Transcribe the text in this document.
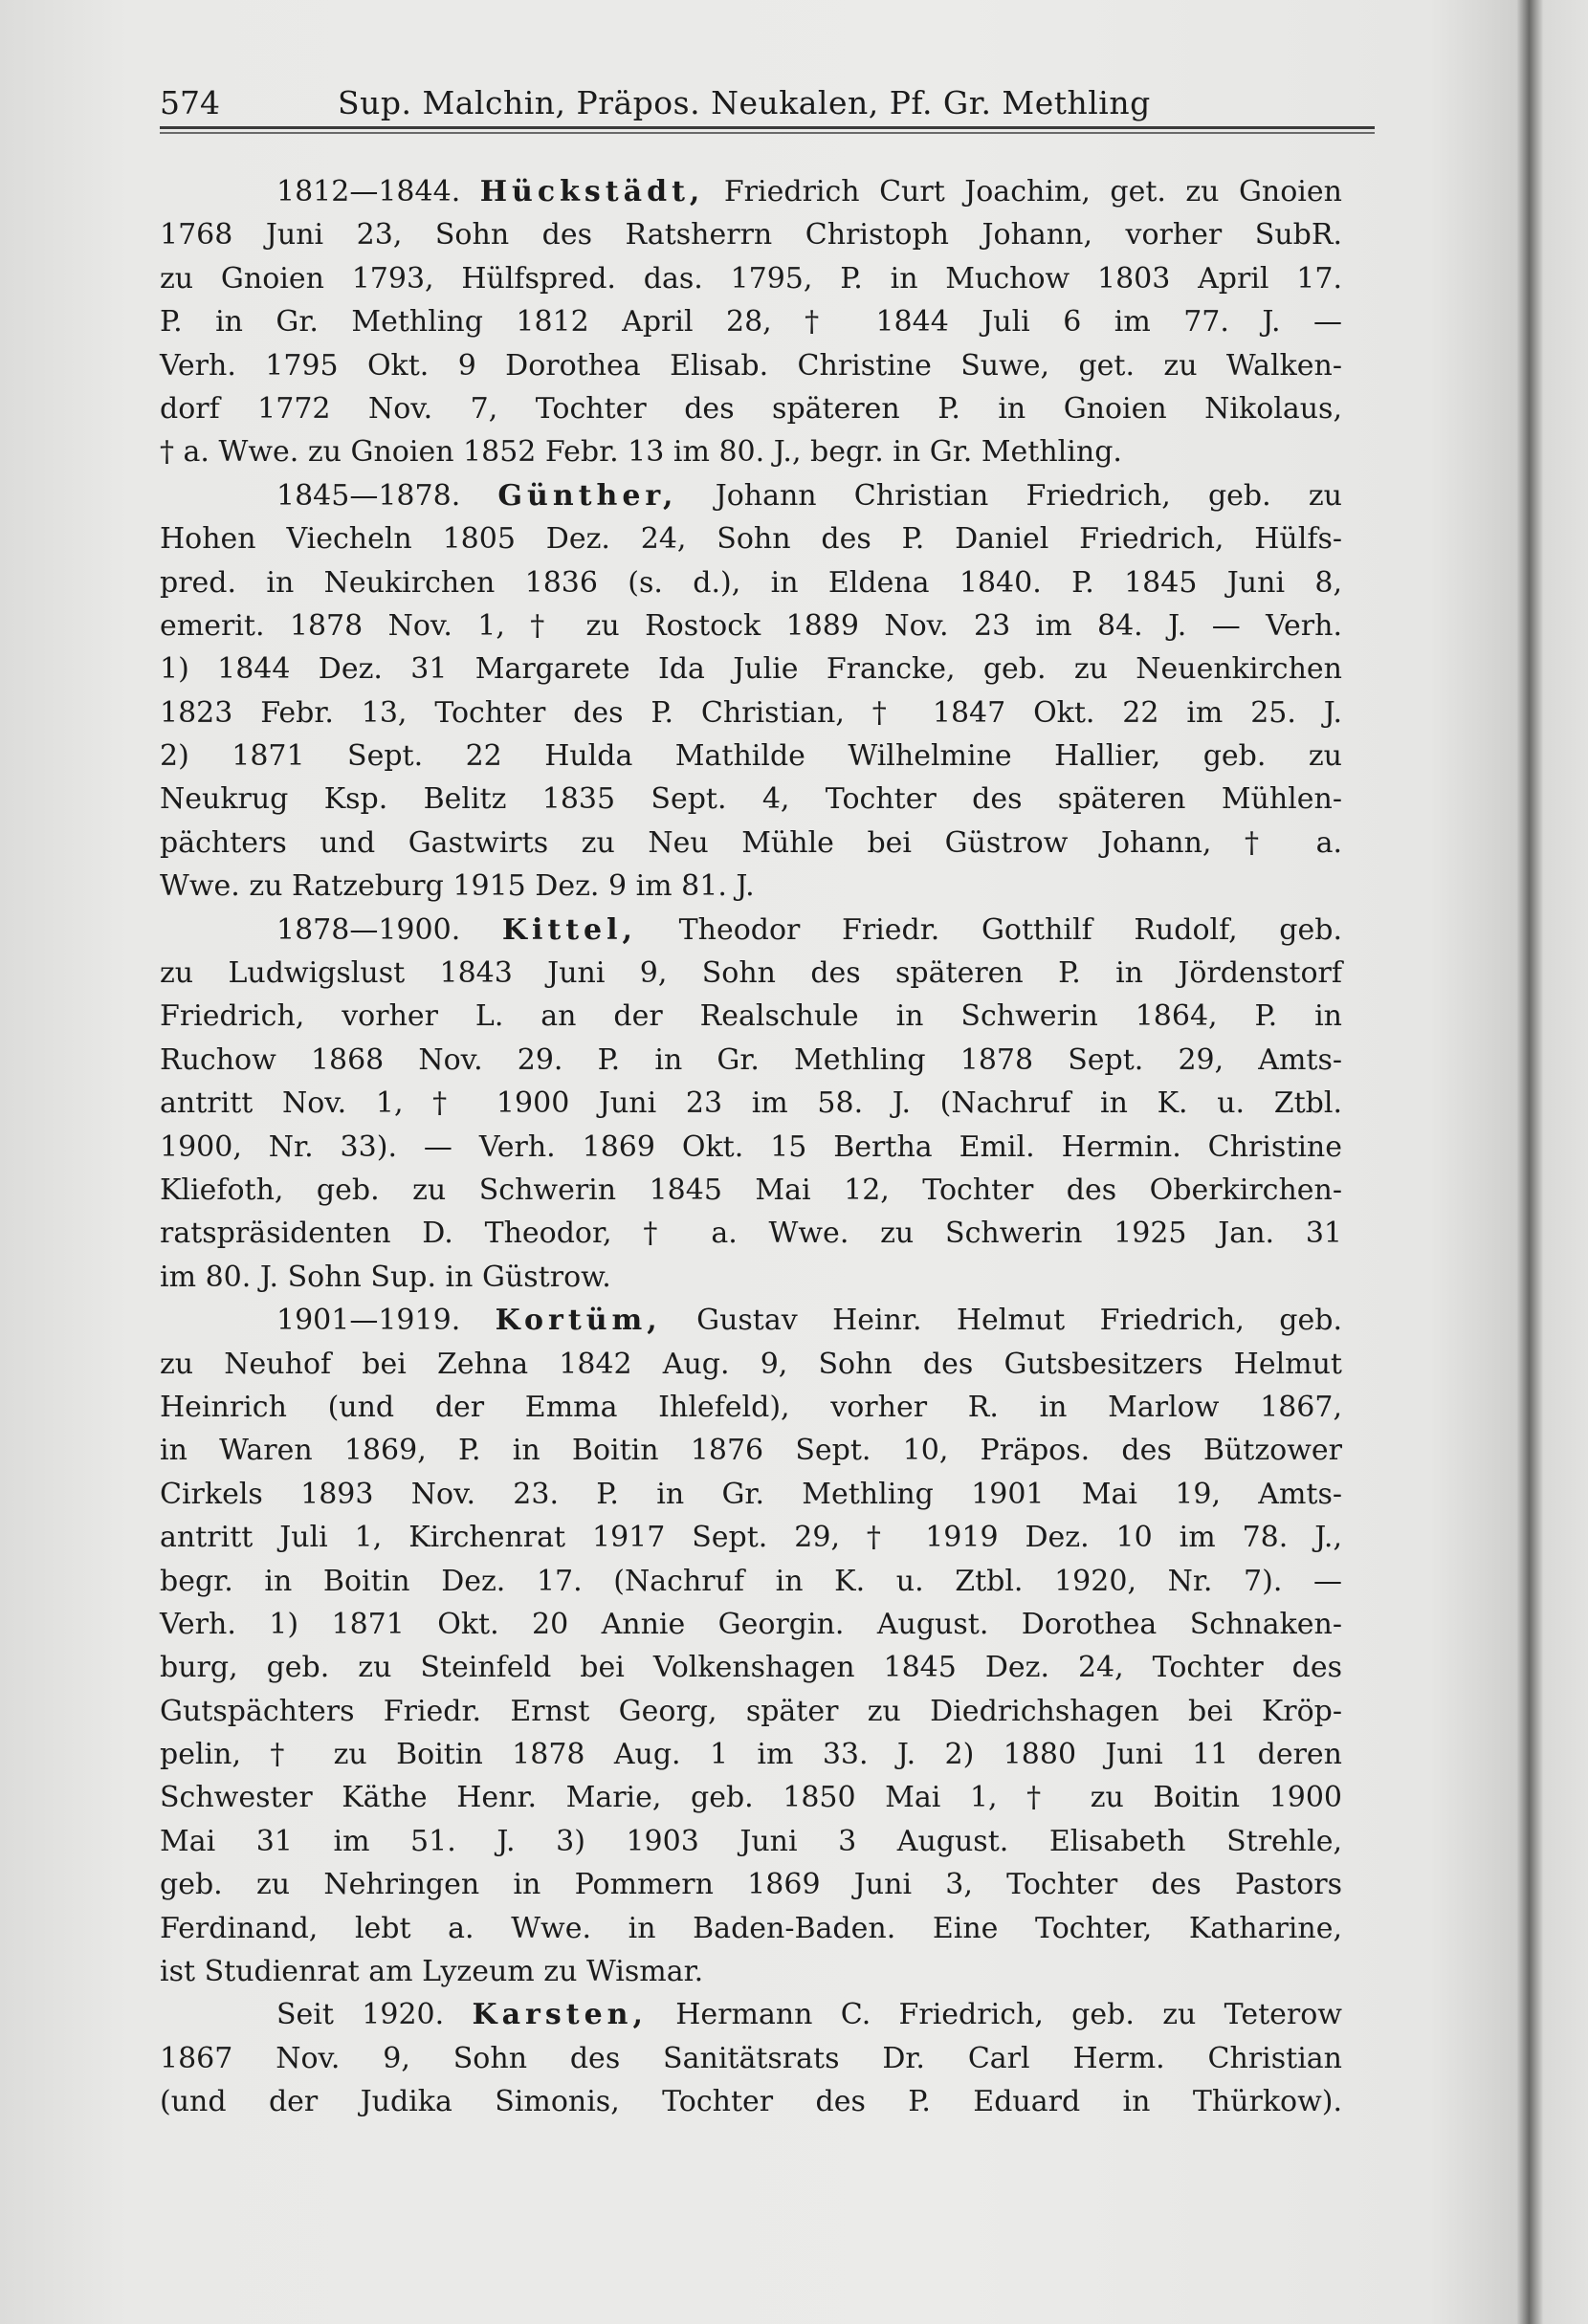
574	Sup. Malchin, Präpos. Neukalen, Pf. Gr. Methling
1812—1844. Hückstädt, Friedrich Curt Joachim, get. zu Gnoien
1768 Juni 23, Sohn des Ratsherrn Christoph Johann, vorher SubR.
zu Gnoien 1793, Hülfspred. das. 1795, P. in Muchow 1803 April 17.
P. in Gr. Methling 1812 April 28, † 1844 Juli 6 im 77. J. —
Verh. 1795 Okt. 9 Dorothea Elisab. Christine Suwe, get. zu Walken-
dorf 1772 Nov. 7, Tochter des späteren P. in Gnoien Nikolaus,
† a. Wwe. zu Gnoien 1852 Febr. 13 im 80. J., begr. in Gr. Methling.
1845—1878. Günther, Johann Christian Friedrich, geb. zu
Hohen Viecheln 1805 Dez. 24, Sohn des P. Daniel Friedrich, Hülfs-
pred. in Neukirchen 1836 (s. d.), in Eldena 1840. P. 1845 Juni 8,
emerit. 1878 Nov. 1, † zu Rostock 1889 Nov. 23 im 84. J. — Verh.
1) 1844 Dez. 31 Margarete Ida Julie Francke, geb. zu Neuenkirchen
1823 Febr. 13, Tochter des P. Christian, † 1847 Okt. 22 im 25. J.
2) 1871 Sept. 22 Hulda Mathilde Wilhelmine Hallier, geb. zu
Neukrug Ksp. Belitz 1835 Sept. 4, Tochter des späteren Mühlen-
pächters und Gastwirts zu Neu Mühle bei Güstrow Johann, † a.
Wwe. zu Ratzeburg 1915 Dez. 9 im 81. J.
1878—1900. Kittel, Theodor Friedr. Gotthilf Rudolf, geb.
zu Ludwigslust 1843 Juni 9, Sohn des späteren P. in Jördenstorf
Friedrich, vorher L. an der Realschule in Schwerin 1864, P. in
Ruchow 1868 Nov. 29. P. in Gr. Methling 1878 Sept. 29, Amts-
antritt Nov. 1, † 1900 Juni 23 im 58. J. (Nachruf in K. u. Ztbl.
1900, Nr. 33). — Verh. 1869 Okt. 15 Bertha Emil. Hermin. Christine
Kliefoth, geb. zu Schwerin 1845 Mai 12, Tochter des Oberkirchen-
ratspräsidenten D. Theodor, † a. Wwe. zu Schwerin 1925 Jan. 31
im 80. J. Sohn Sup. in Güstrow.
1901—1919. Kortüm, Gustav Heinr. Helmut Friedrich, geb.
zu Neuhof bei Zehna 1842 Aug. 9, Sohn des Gutsbesitzers Helmut
Heinrich (und der Emma Ihlefeld), vorher R. in Marlow 1867,
in Waren 1869, P. in Boitin 1876 Sept. 10, Präpos. des Bützower
Cirkels 1893 Nov. 23. P. in Gr. Methling 1901 Mai 19, Amts-
antritt Juli 1, Kirchenrat 1917 Sept. 29, † 1919 Dez. 10 im 78. J.,
begr. in Boitin Dez. 17. (Nachruf in K. u. Ztbl. 1920, Nr. 7). —
Verh. 1) 1871 Okt. 20 Annie Georgin. August. Dorothea Schnaken-
burg, geb. zu Steinfeld bei Volkenshagen 1845 Dez. 24, Tochter des
Gutspächters Friedr. Ernst Georg, später zu Diedrichshagen bei Kröp-
pelin, † zu Boitin 1878 Aug. 1 im 33. J. 2) 1880 Juni 11 deren
Schwester Käthe Henr. Marie, geb. 1850 Mai 1, † zu Boitin 1900
Mai 31 im 51. J. 3) 1903 Juni 3 August. Elisabeth Strehle,
geb. zu Nehringen in Pommern 1869 Juni 3, Tochter des Pastors
Ferdinand, lebt a. Wwe. in Baden-Baden. Eine Tochter, Katharine,
ist Studienrat am Lyzeum zu Wismar.
Seit 1920. Karsten, Hermann C. Friedrich, geb. zu Teterow
1867 Nov. 9, Sohn des Sanitätsrats Dr. Carl Herm. Christian
(und der Judika Simonis, Tochter des P. Eduard in Thürkow).
